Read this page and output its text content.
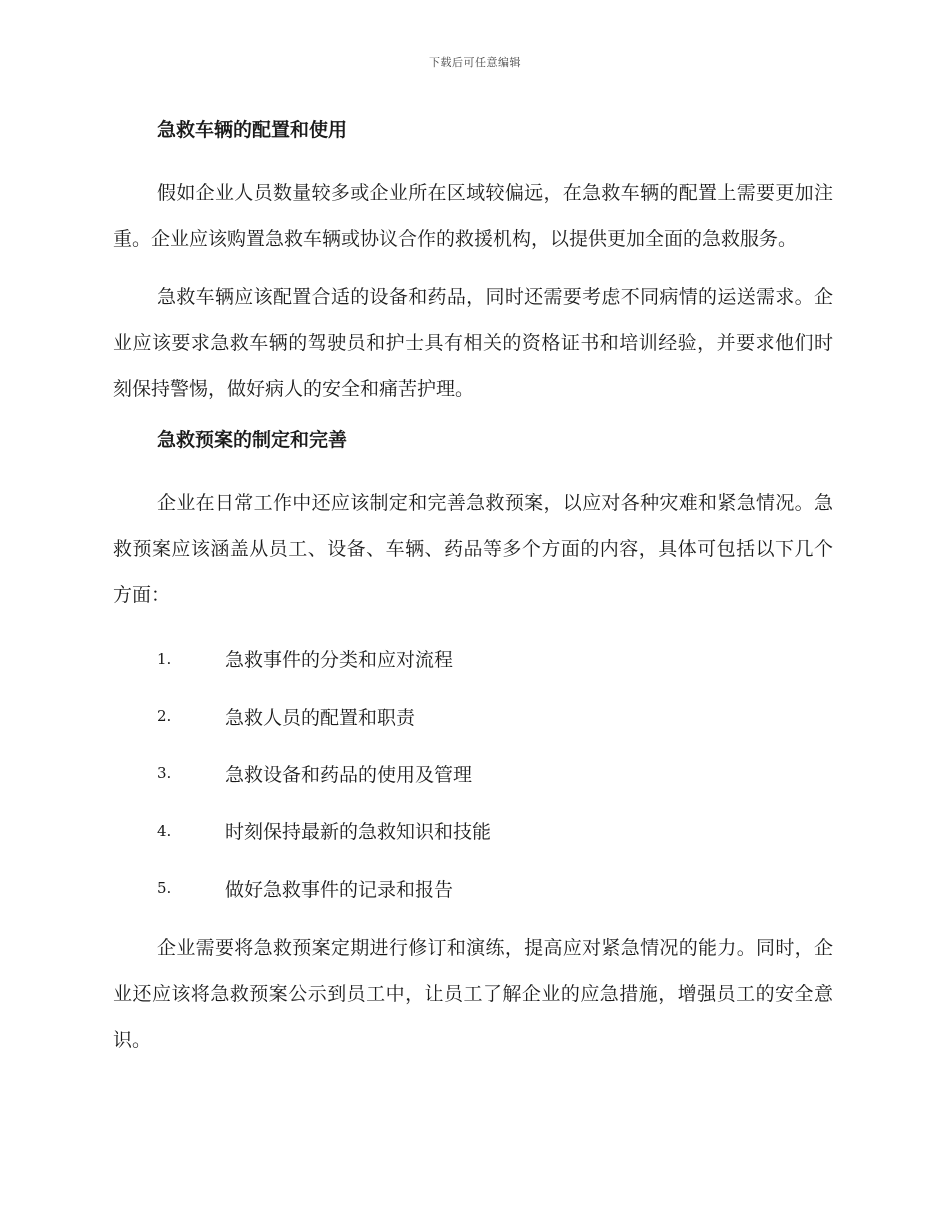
下载后可任意编辑
急救车辆的配置和使用

假如企业人员数量较多或企业所在区域较偏远，在急救车辆的配置上需要更加注重。企业应该购置急救车辆或协议合作的救援机构，以提供更加全面的急救服务。

急救车辆应该配置合适的设备和药品，同时还需要考虑不同病情的运送需求。企业应该要求急救车辆的驾驶员和护士具有相关的资格证书和培训经验，并要求他们时刻保持警惕，做好病人的安全和痛苦护理。

急救预案的制定和完善

企业在日常工作中还应该制定和完善急救预案，以应对各种灾难和紧急情况。急救预案应该涵盖从员工、设备、车辆、药品等多个方面的内容，具体可包括以下几个方面：

1.	急救事件的分类和应对流程
2.	急救人员的配置和职责
3.	急救设备和药品的使用及管理
4.	时刻保持最新的急救知识和技能
5.	做好急救事件的记录和报告

企业需要将急救预案定期进行修订和演练，提高应对紧急情况的能力。同时，企业还应该将急救预案公示到员工中，让员工了解企业的应急措施，增强员工的安全意识。
